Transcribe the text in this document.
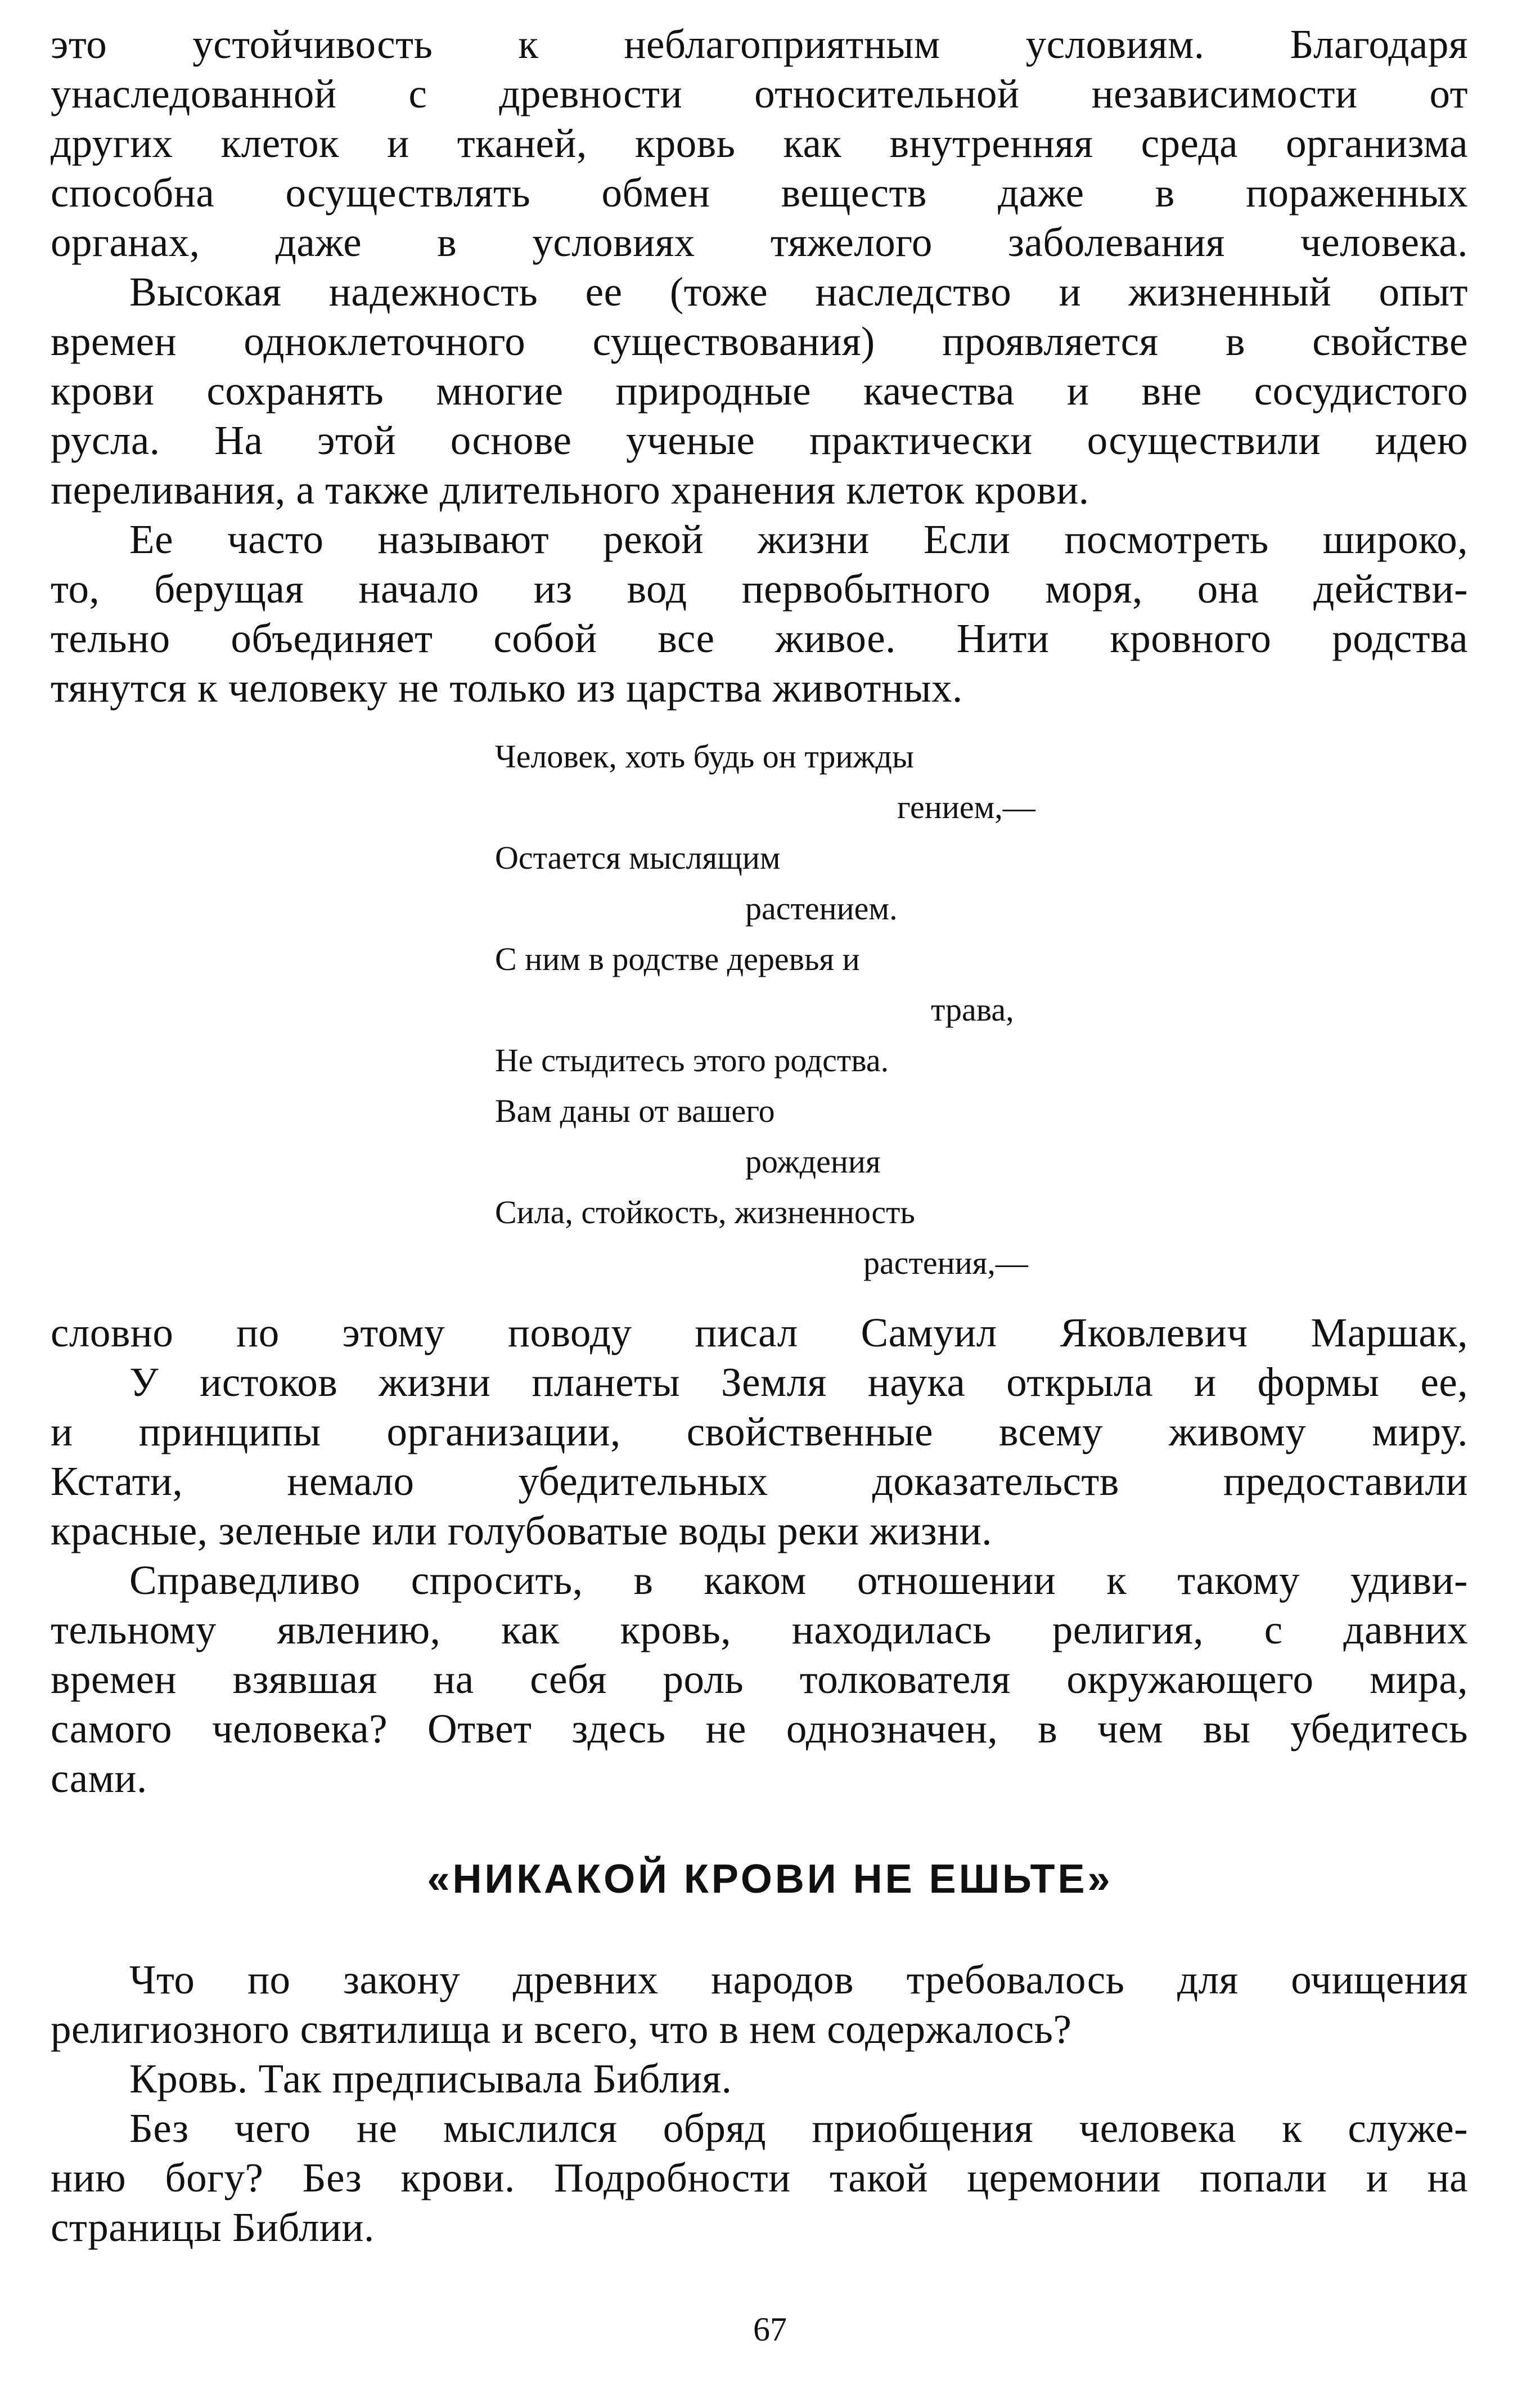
это устойчивость к неблагоприятным условиям. Благодаря
унаследованной с древности относительной независимости от
других клеток и тканей, кровь как внутренняя среда организма
способна осуществлять обмен веществ даже в пораженных
органах, даже в условиях тяжелого заболевания человека.
Высокая надежность ее (тоже наследство и жизненный опыт
времен одноклеточного существования) проявляется в свойстве
крови сохранять многие природные качества и вне сосудистого
русла. На этой основе ученые практически осуществили идею
переливания, а также длительного хранения клеток крови.
Ее часто называют рекой жизни Если посмотреть широко,
то, берущая начало из вод первобытного моря, она действи-
тельно объединяет собой все живое. Нити кровного родства
тянутся к человеку не только из царства животных.
Человек, хоть будь он трижды
гением,—
Остается мыслящим
растением.
С ним в родстве деревья и
трава,
Не стыдитесь этого родства.
Вам даны от вашего
рождения
Сила, стойкость, жизненность
растения,—
словно по этому поводу писал Самуил Яковлевич Маршак,
У истоков жизни планеты Земля наука открыла и формы ее,
и принципы организации, свойственные всему живому миру.
Кстати, немало убедительных доказательств предоставили
красные, зеленые или голубоватые воды реки жизни.
Справедливо спросить, в каком отношении к такому удиви-
тельному явлению, как кровь, находилась религия, с давних
времен взявшая на себя роль толкователя окружающего мира,
самого человека? Ответ здесь не однозначен, в чем вы убедитесь
сами.
«НИКАКОЙ КРОВИ НЕ ЕШЬТЕ»
Что по закону древних народов требовалось для очищения
религиозного святилища и всего, что в нем содержалось?
Кровь. Так предписывала Библия.
Без чего не мыслился обряд приобщения человека к служе-
нию богу? Без крови. Подробности такой церемонии попали и на
страницы Библии.
67
